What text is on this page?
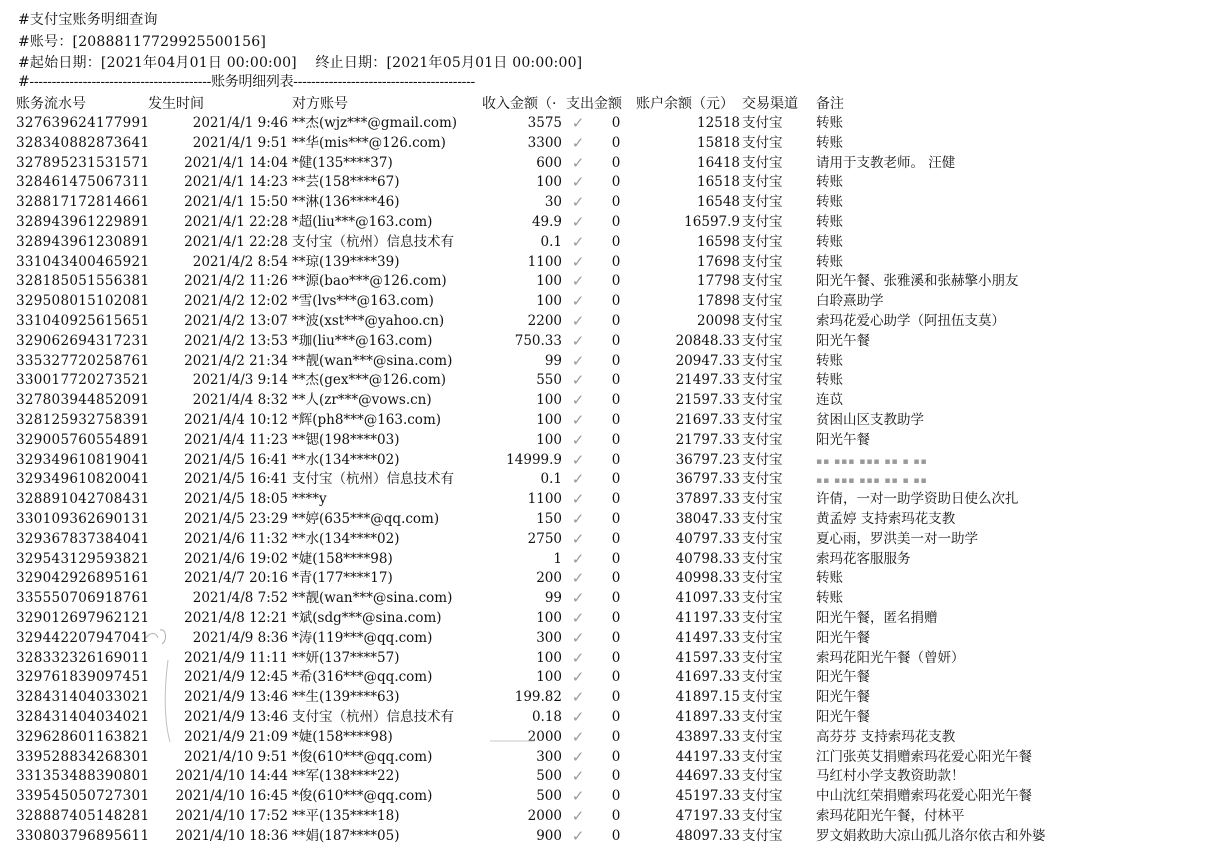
#支付宝账务明细查询
#账号：[20888117729925500156]
#起始日期：[2021年04月01日 00:00:00]    终止日期：[2021年05月01日 00:00:00]
#-----------------------------------------账务明细列表-----------------------------------------
账务流水号	发生时间	对方账号	收入金额（· 支出金额 账户余额（元） 交易渠道 备注
327639624177991	2021/4/1 9:46 **杰(wjz***@gmail.com)	3575 ✓	0	12518 支付宝	转账
328340882873641	2021/4/1 9:51 **华(mis***@126.com)	3300 ✓	0	15818 支付宝	转账
327895231531571	2021/4/1 14:04 *健(135****37)	600 ✓	0	16418 支付宝	请用于支教老师。 汪健
328461475067311	2021/4/1 14:23 **芸(158****67)	100 ✓	0	16518 支付宝	转账
328817172814661	2021/4/1 15:50 **淋(136****46)	30 ✓	0	16548 支付宝	转账
328943961229891	2021/4/1 22:28 *超(liu***@163.com)	49.9 ✓	0	16597.9 支付宝	转账
328943961230891	2021/4/1 22:28 支付宝（杭州）信息技术有	0.1 ✓	0	16598 支付宝	转账
331043400465921	2021/4/2 8:54 **琼(139****39)	1100 ✓	0	17698 支付宝	转账
328185051556381	2021/4/2 11:26 **源(bao***@126.com)	100 ✓	0	17798 支付宝	阳光午餐、张雅溪和张赫擎小朋友
329508015102081	2021/4/2 12:02 *雪(lvs***@163.com)	100 ✓	0	17898 支付宝	白聆熹助学
331040925615651	2021/4/2 13:07 **波(xst***@yahoo.cn)	2200 ✓	0	20098 支付宝	索玛花爱心助学（阿扭伍支莫）
329062694317231	2021/4/2 13:53 *珈(liu***@163.com)	750.33 ✓	0	20848.33 支付宝	阳光午餐
335327720258761	2021/4/2 21:34 **靓(wan***@sina.com)	99 ✓	0	20947.33 支付宝	转账
330017720273521	2021/4/3 9:14 **杰(gex***@126.com)	550 ✓	0	21497.33 支付宝	转账
327803944852091	2021/4/4 8:32 **人(zr***@vows.cn)	100 ✓	0	21597.33 支付宝	连苡
328125932758391	2021/4/4 10:12 *辉(ph8***@163.com)	100 ✓	0	21697.33 支付宝	贫困山区支教助学
329005760554891	2021/4/4 11:23 **锶(198****03)	100 ✓	0	21797.33 支付宝	阳光午餐
329349610819041	2021/4/5 16:41 **水(134****02)	14999.9 ✓	0	36797.23 支付宝	▪▪ ▪▪▪ ▪▪▪ ▪▪ ▪ ▪▪
329349610820041	2021/4/5 16:41 支付宝（杭州）信息技术有	0.1 ✓	0	36797.33 支付宝	▪▪ ▪▪▪ ▪▪▪ ▪▪ ▪ ▪▪
328891042708431	2021/4/5 18:05 ****y	1100 ✓	0	37897.33 支付宝	许倩，一对一助学资助日使么次扎
330109362690131	2021/4/5 23:29 **婷(635***@qq.com)	150 ✓	0	38047.33 支付宝	黄孟婷 支持索玛花支教
329367837384041	2021/4/6 11:32 **水(134****02)	2750 ✓	0	40797.33 支付宝	夏心雨，罗洪美一对一助学
329543129593821	2021/4/6 19:02 *婕(158****98)	1 ✓	0	40798.33 支付宝	索玛花客服服务
329042926895161	2021/4/7 20:16 *青(177****17)	200 ✓	0	40998.33 支付宝	转账
335550706918761	2021/4/8 7:52 **靓(wan***@sina.com)	99 ✓	0	41097.33 支付宝	转账
329012697962121	2021/4/8 12:21 *斌(sdg***@sina.com)	100 ✓	0	41197.33 支付宝	阳光午餐，匿名捐赠
329442207947041	2021/4/9 8:36 *涛(119***@qq.com)	300 ✓	0	41497.33 支付宝	阳光午餐
328332326169011	2021/4/9 11:11 **妍(137****57)	100 ✓	0	41597.33 支付宝	索玛花阳光午餐（曾妍）
329761839097451	2021/4/9 12:45 *希(316***@qq.com)	100 ✓	0	41697.33 支付宝	阳光午餐
328431404033021	2021/4/9 13:46 **生(139****63)	199.82 ✓	0	41897.15 支付宝	阳光午餐
328431404034021	2021/4/9 13:46 支付宝（杭州）信息技术有	0.18 ✓	0	41897.33 支付宝	阳光午餐
329628601163821	2021/4/9 21:09 *婕(158****98)	2000 ✓	0	43897.33 支付宝	高芬芬 支持索玛花支教
339528834268301	2021/4/10 9:51 *俊(610***@qq.com)	300 ✓	0	44197.33 支付宝	江门张英艾捐赠索玛花爱心阳光午餐
331353488390801	2021/4/10 14:44 **军(138****22)	500 ✓	0	44697.33 支付宝	马红村小学支教资助款！
339545050727301	2021/4/10 16:45 *俊(610***@qq.com)	500 ✓	0	45197.33 支付宝	中山沈红荣捐赠索玛花爱心阳光午餐
328887405148281	2021/4/10 17:52 **平(135****18)	2000 ✓	0	47197.33 支付宝	索玛花阳光午餐，付林平
330803796895611	2021/4/10 18:36 **娟(187****05)	900 ✓	0	48097.33 支付宝	罗文娟救助大凉山孤儿洛尔依古和外婆
